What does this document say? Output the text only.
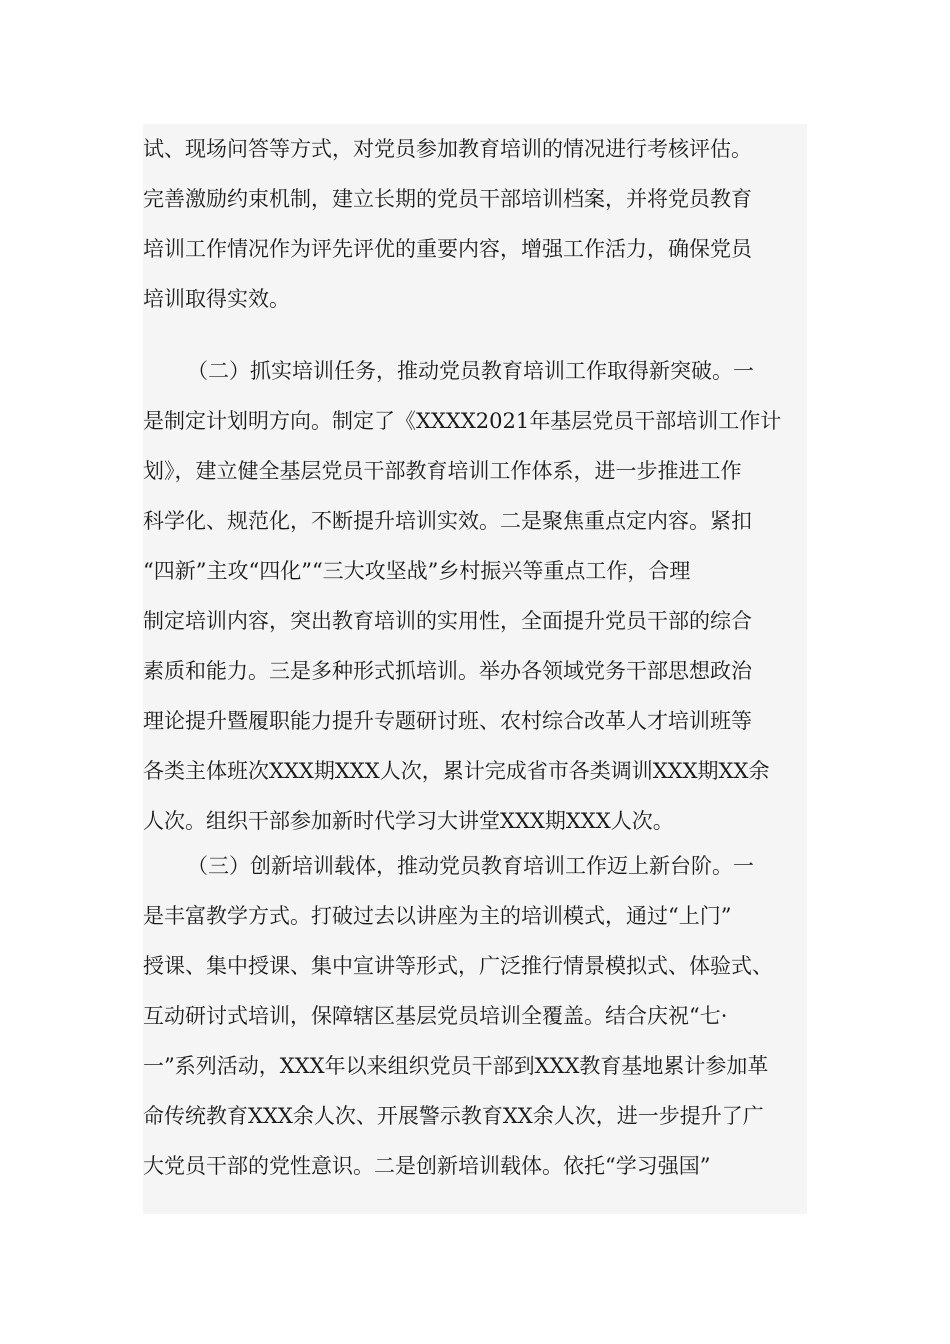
试、现场问答等方式，对党员参加教育培训的情况进行考核评估。
完善激励约束机制，建立长期的党员干部培训档案，并将党员教育
培训工作情况作为评先评优的重要内容，增强工作活力，确保党员
培训取得实效。
（二）抓实培训任务，推动党员教育培训工作取得新突破。一
是制定计划明方向。制定了《XXXX2021年基层党员干部培训工作计
划》，建立健全基层党员干部教育培训工作体系，进一步推进工作
科学化、规范化，不断提升培训实效。二是聚焦重点定内容。紧扣
“四新”主攻“四化”“三大攻坚战”乡村振兴等重点工作，合理
制定培训内容，突出教育培训的实用性，全面提升党员干部的综合
素质和能力。三是多种形式抓培训。举办各领域党务干部思想政治
理论提升暨履职能力提升专题研讨班、农村综合改革人才培训班等
各类主体班次XXX期XXX人次，累计完成省市各类调训XXX期XX余
人次。组织干部参加新时代学习大讲堂XXX期XXX人次。
（三）创新培训载体，推动党员教育培训工作迈上新台阶。一
是丰富教学方式。打破过去以讲座为主的培训模式，通过“上门”
授课、集中授课、集中宣讲等形式，广泛推行情景模拟式、体验式、
互动研讨式培训，保障辖区基层党员培训全覆盖。结合庆祝“七·
一”系列活动，XXX年以来组织党员干部到XXX教育基地累计参加革
命传统教育XXX余人次、开展警示教育XX余人次，进一步提升了广
大党员干部的党性意识。二是创新培训载体。依托“学习强国”
